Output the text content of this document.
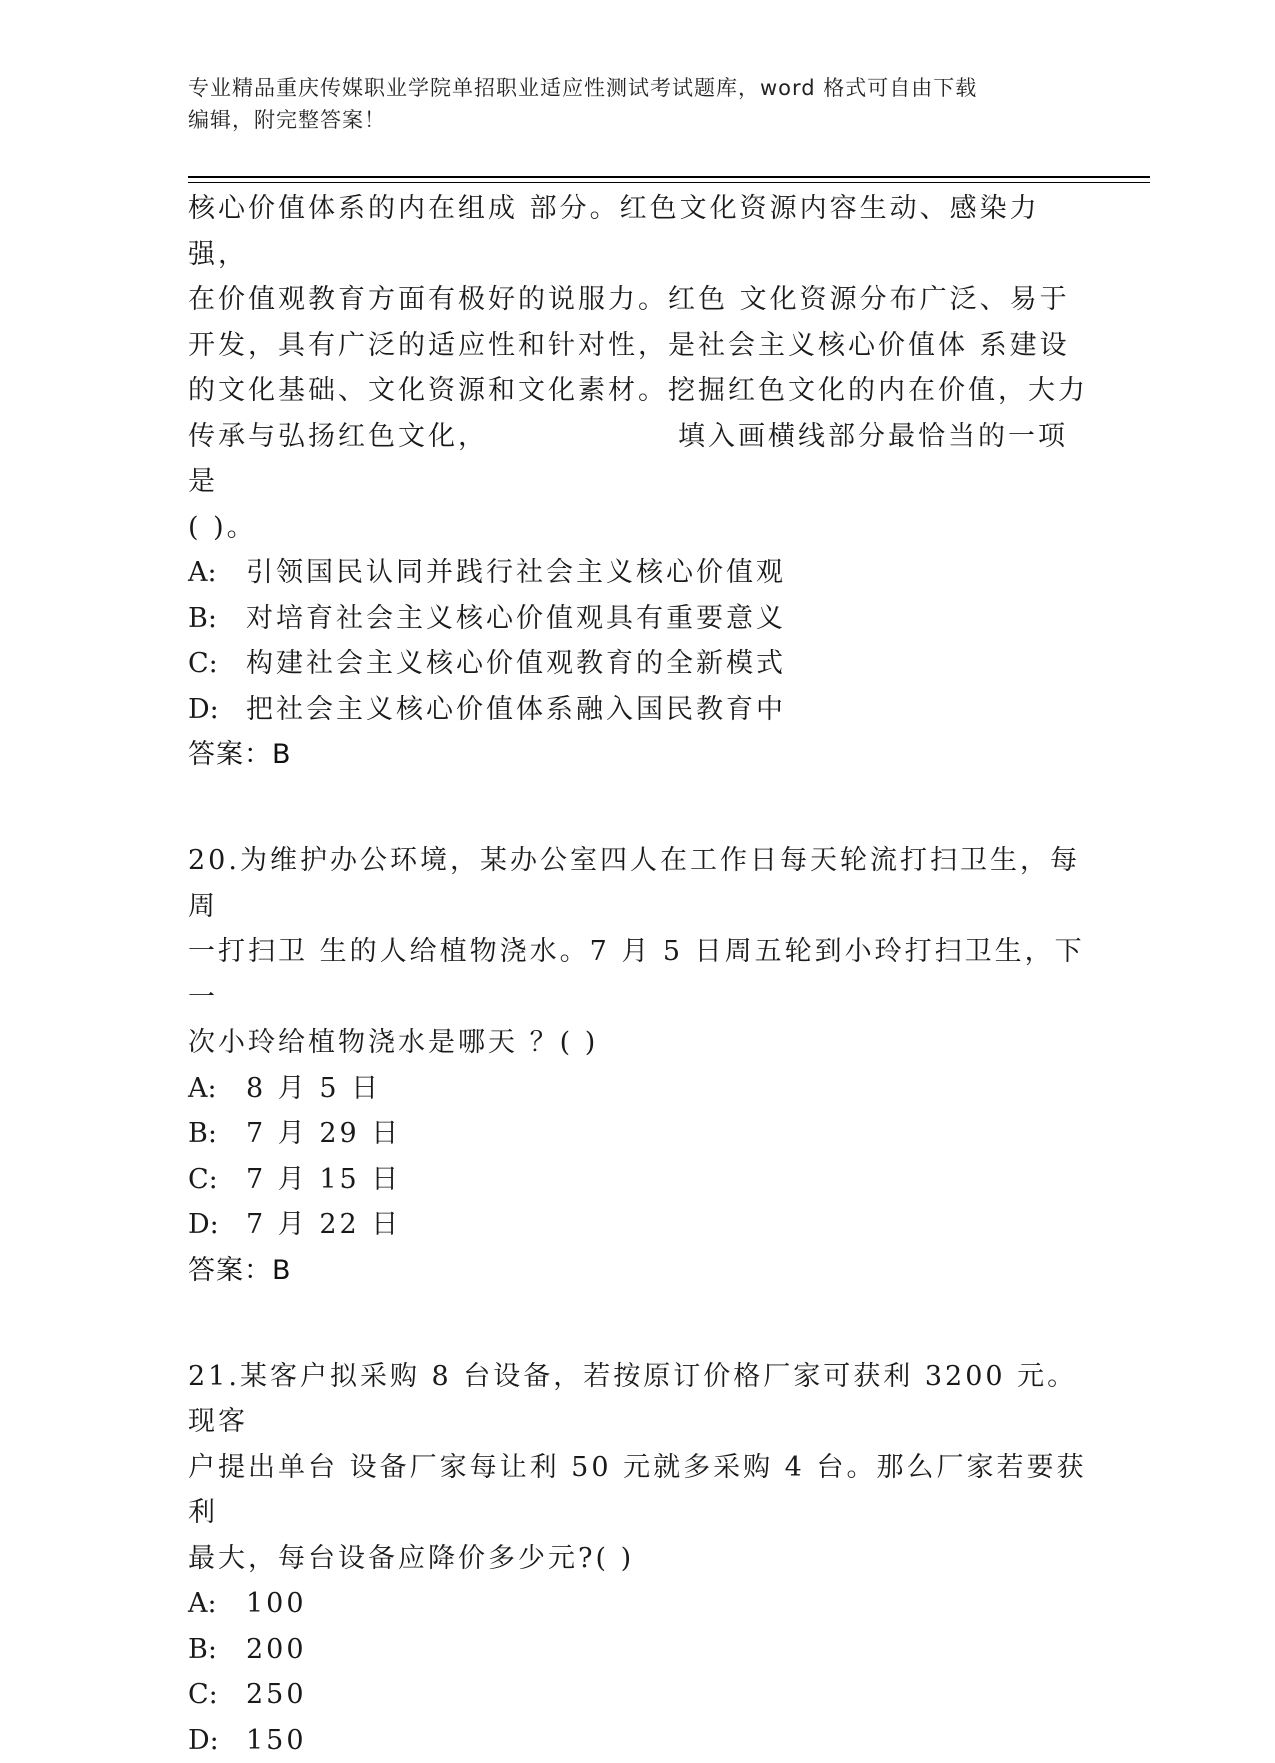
专业精品重庆传媒职业学院单招职业适应性测试考试题库，word 格式可自由下载
编辑，附完整答案！

核心价值体系的内在组成 部分。红色文化资源内容生动、感染力强，

在价值观教育方面有极好的说服力。红色 文化资源分布广泛、易于

开发，具有广泛的适应性和针对性，是社会主义核心价值体 系建设

的文化基础、文化资源和文化素材。挖掘红色文化的内在价值，大力

传承与弘扬红色文化，	填入画横线部分最恰当的一项是

( )。

A:	引领国民认同并践行社会主义核心价值观
B:	对培育社会主义核心价值观具有重要意义
C:	构建社会主义核心价值观教育的全新模式
D:	把社会主义核心价值体系融入国民教育中

答案：B

20.为维护办公环境，某办公室四人在工作日每天轮流打扫卫生，每周

一打扫卫 生的人给植物浇水。7 月 5 日周五轮到小玲打扫卫生，下一

次小玲给植物浇水是哪天 ？( )

A:	8 月 5 日
B:	7 月 29 日
C:	7 月 15 日
D:	7 月 22 日

答案：B

21.某客户拟采购 8 台设备，若按原订价格厂家可获利 3200 元。现客

户提出单台 设备厂家每让利 50 元就多采购 4 台。那么厂家若要获利

最大，每台设备应降价多少元?( )

A:	100
B:	200
C:	250
D:	150
